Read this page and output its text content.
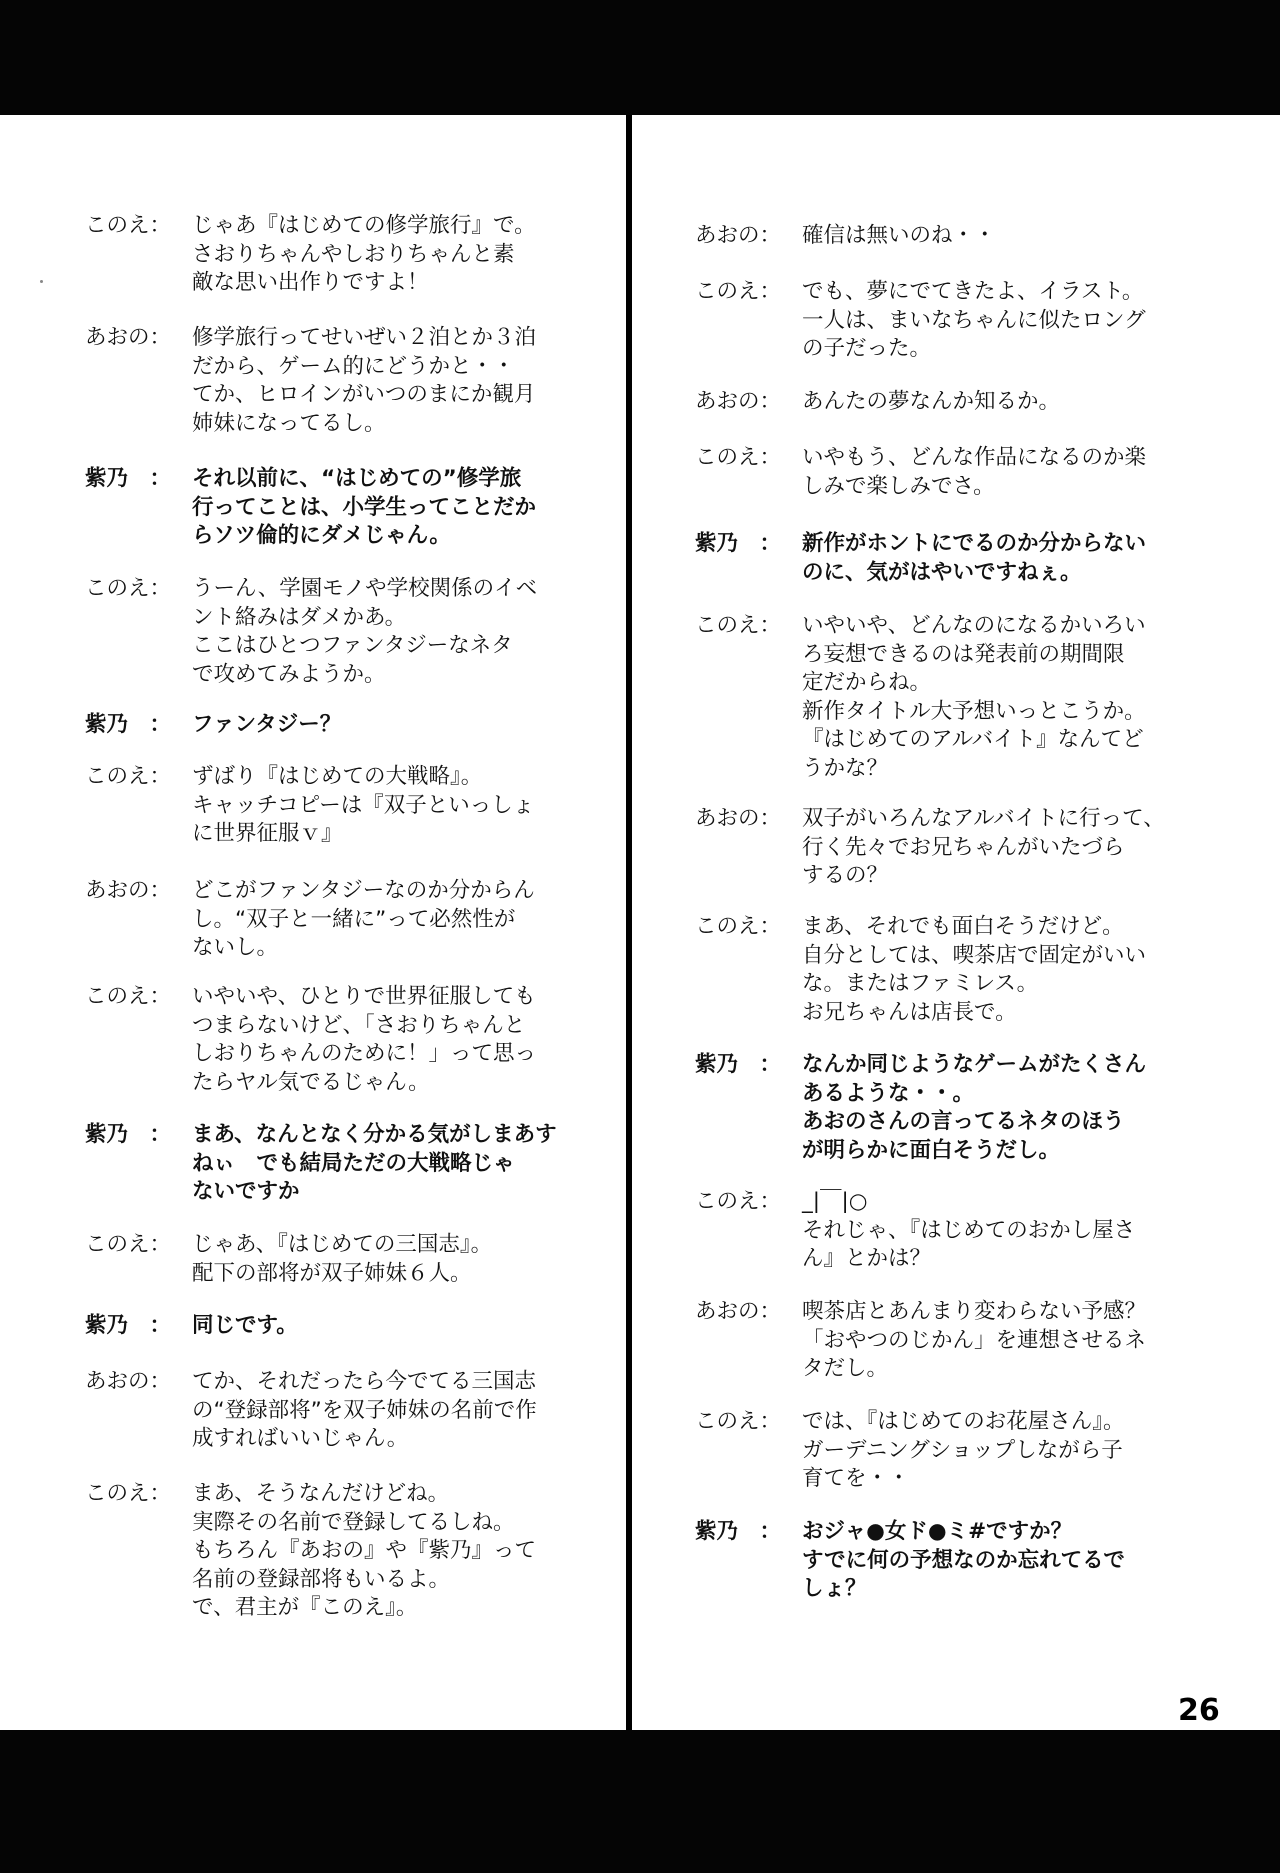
このえ： じゃあ『はじめての修学旅行』で。
さおりちゃんやしおりちゃんと素
敵な思い出作りですよ！
あおの： 修学旅行ってせいぜい２泊とか３泊
だから、ゲーム的にどうかと・・
てか、ヒロインがいつのまにか観月
姉妹になってるし。
紫乃　： それ以前に、“はじめての”修学旅
行ってことは、小学生ってことだか
らソツ倫的にダメじゃん。
このえ： うーん、学園モノや学校関係のイベ
ント絡みはダメかあ。
ここはひとつファンタジーなネタ
で攻めてみようか。
紫乃　： ファンタジー？
このえ： ずばり『はじめての大戦略』。
キャッチコピーは『双子といっしょ
に世界征服ｖ』
あおの： どこがファンタジーなのか分からん
し。“双子と一緒に”って必然性が
ないし。
このえ： いやいや、ひとりで世界征服しても
つまらないけど、「さおりちゃんと
しおりちゃんのために！」って思っ
たらヤル気でるじゃん。
紫乃　： まあ、なんとなく分かる気がしまあす
ねぃ　でも結局ただの大戦略じゃ
ないですか
このえ： じゃあ、『はじめての三国志』。
配下の部将が双子姉妹６人。
紫乃　： 同じです。
あおの： てか、それだったら今でてる三国志
の“登録部将”を双子姉妹の名前で作
成すればいいじゃん。
このえ： まあ、そうなんだけどね。
実際その名前で登録してるしね。
もちろん『あおの』や『紫乃』って
名前の登録部将もいるよ。
で、君主が『このえ』。
あおの： 確信は無いのね・・
このえ： でも、夢にでてきたよ、イラスト。
一人は、まいなちゃんに似たロング
の子だった。
あおの： あんたの夢なんか知るか。
このえ： いやもう、どんな作品になるのか楽
しみで楽しみでさ。
紫乃　： 新作がホントにでるのか分からない
のに、気がはやいですねぇ。
このえ： いやいや、どんなのになるかいろい
ろ妄想できるのは発表前の期間限
定だからね。
新作タイトル大予想いっとこうか。
『はじめてのアルバイト』なんてど
うかな？
あおの： 双子がいろんなアルバイトに行って、
行く先々でお兄ちゃんがいたづら
するの？
このえ： まあ、それでも面白そうだけど。
自分としては、喫茶店で固定がいい
な。またはファミレス。
お兄ちゃんは店長で。
紫乃　： なんか同じようなゲームがたくさん
あるような・・。
あおのさんの言ってるネタのほう
が明らかに面白そうだし。
このえ： _|￣|○
それじゃ、『はじめてのおかし屋さ
ん』とかは？
あおの： 喫茶店とあんまり変わらない予感？
「おやつのじかん」を連想させるネ
タだし。
このえ： では、『はじめてのお花屋さん』。
ガーデニングショップしながら子
育てを・・
紫乃　： おジャ●女ド●ミ#ですか？
すでに何の予想なのか忘れてるで
しょ？
26
